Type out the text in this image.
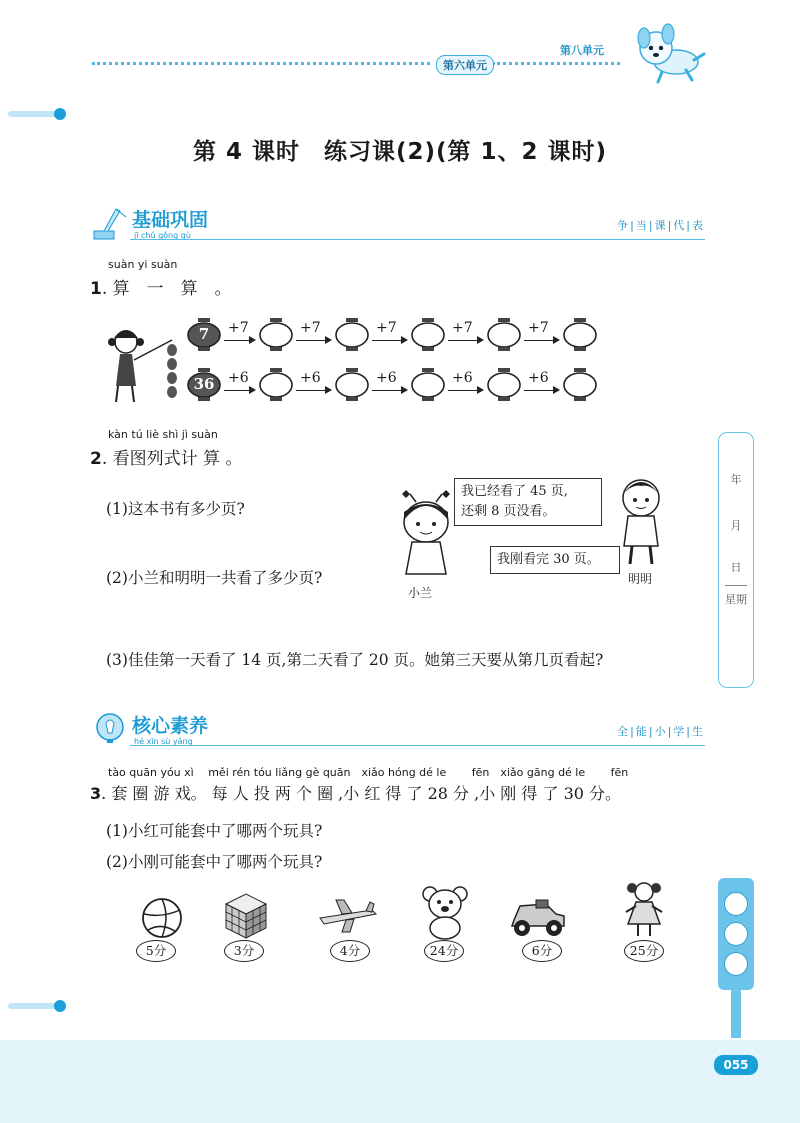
第六单元
第八单元
第 4 课时　练习课(2)(第 1、2 课时)
基础巩固
jī chǔ gǒng gù
争|当|课|代|表
suàn yi suàn
1. 算　一　算　。
7	+7	+7	+7	+7	+7
36 +6	+6	+6	+6	+6
kàn tú liè shì jì suàn
2. 看图列式计 算 。
(1)这本书有多少页?
(2)小兰和明明一共看了多少页?
(3)佳佳第一天看了 14 页,第二天看了 20 页。她第三天要从第几页看起?
小兰
我已经看了 45 页,
还剩 8 页没看。
我刚看完 30 页。
明明
年
月
日
星期
核心素养
hé xīn sù yǎng
全|能|小|学|生
tào quān yóu xì　 měi rén tóu liǎng gè quān　xiǎo hóng dé le　　 fēn　xiǎo gāng dé le　　 fēn
3. 套 圈 游 戏。 每 人 投 两 个 圈 ,小 红 得 了 28 分 ,小 刚 得 了 30 分。
(1)小红可能套中了哪两个玩具?
(2)小刚可能套中了哪两个玩具?
5分	3分	4分	24分	6分	25分
055
